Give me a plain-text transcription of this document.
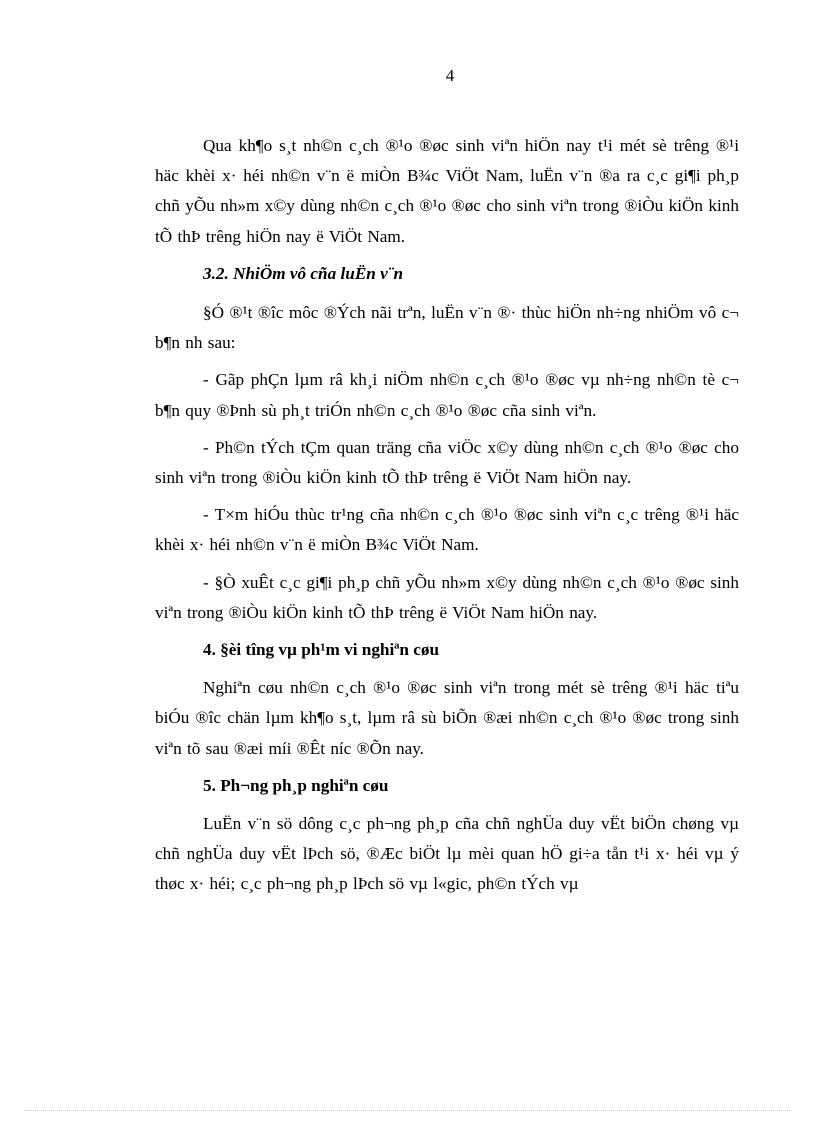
4

Qua kh¶o s¸t nh©n c¸ch ®¹o ®øc sinh viªn hiÖn nay t¹i mét sè trêng ®¹i häc khèi x· héi nh©n v¨n ë miÒn B¾c ViÖt Nam, luËn v¨n ®a ra c¸c gi¶i ph¸p chñ yÕu nh»m x©y dùng nh©n c¸ch ®¹o ®øc cho sinh viªn trong ®iÒu kiÖn kinh tÕ thÞ trêng hiÖn nay ë ViÖt Nam.

3.2. NhiÖm vô cña luËn v¨n

§Ó ®¹t ®îc môc ®Ých nãi trªn, luËn v¨n ®· thùc hiÖn nh÷ng nhiÖm vô c¬ b¶n nh sau:

- Gãp phÇn lµm râ kh¸i niÖm nh©n c¸ch ®¹o ®øc vµ nh÷ng nh©n tè c¬ b¶n quy ®Þnh sù ph¸t triÓn nh©n c¸ch ®¹o ®øc cña sinh viªn.

- Ph©n tÝch tÇm quan träng cña viÖc x©y dùng nh©n c¸ch ®¹o ®øc cho sinh viªn trong ®iÒu kiÖn kinh tÕ thÞ trêng ë ViÖt Nam hiÖn nay.

- T×m hiÓu thùc tr¹ng cña nh©n c¸ch ®¹o ®øc sinh viªn c¸c trêng ®¹i häc khèi x· héi nh©n v¨n ë miÒn B¾c ViÖt Nam.

- §Ò xuÊt c¸c gi¶i ph¸p chñ yÕu nh»m x©y dùng nh©n c¸ch ®¹o ®øc sinh viªn trong ®iÒu kiÖn kinh tÕ thÞ trêng ë ViÖt Nam hiÖn nay.

4. §èi tîng vµ ph¹m vi nghiªn cøu

Nghiªn cøu nh©n c¸ch ®¹o ®øc sinh viªn trong mét sè trêng ®¹i häc tiªu biÓu ®îc chän lµm kh¶o s¸t, lµm râ sù biÕn ®æi nh©n c¸ch ®¹o ®øc trong sinh viªn tõ sau ®æi míi ®Êt níc ®Õn nay.

5. Ph¬ng ph¸p nghiªn cøu

LuËn v¨n sö dông c¸c ph¬ng ph¸p cña chñ nghÜa duy vËt biÖn chøng vµ chñ nghÜa duy vËt lÞch sö, ®Æc biÖt lµ mèi quan hÖ gi÷a tån t¹i x· héi vµ ý thøc x· héi; c¸c ph¬ng ph¸p lÞch sö vµ l«gic, ph©n tÝch vµ
